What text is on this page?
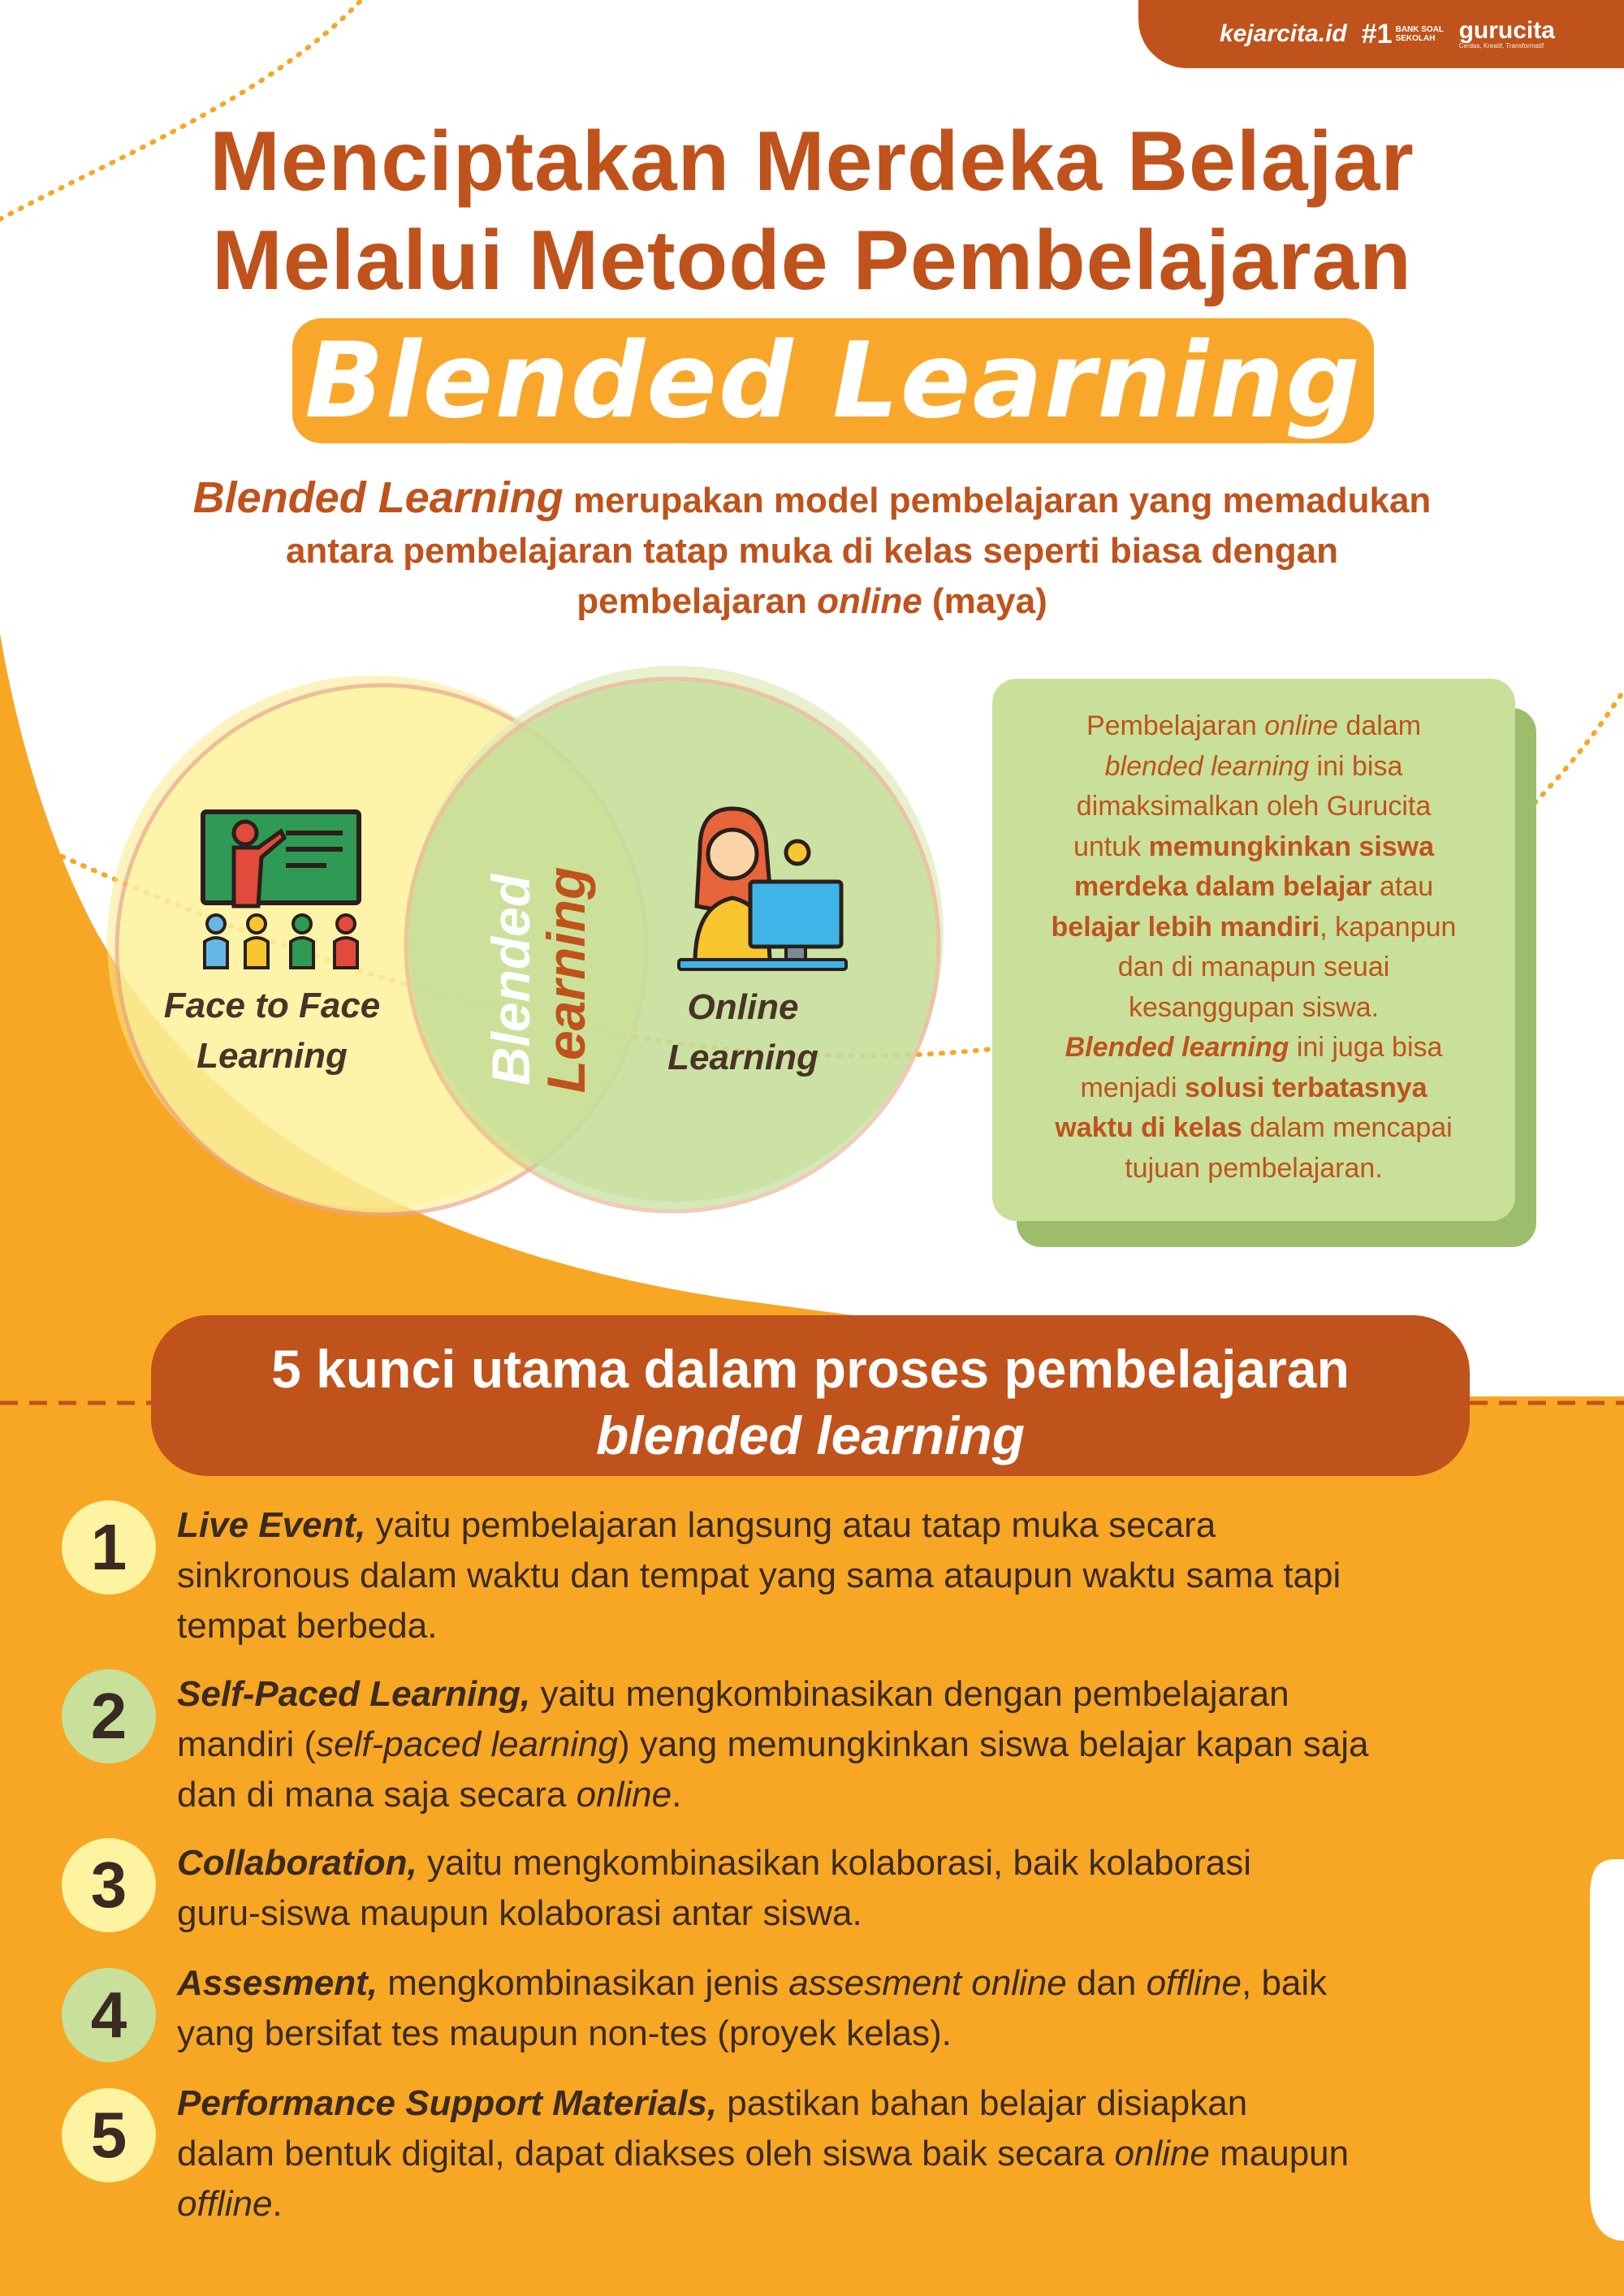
kejarcita.id #1 BANK SOAL SEKOLAH gurucita
Cerdas, Kreatif, Transformatif
Menciptakan Merdeka Belajar
Melalui Metode Pembelajaran
Blended Learning
Blended Learning merupakan model pembelajaran yang memadukan
antara pembelajaran tatap muka di kelas seperti biasa dengan
pembelajaran online (maya)
Face to Face
Learning
Online
Learning
Blended
Learning
Pembelajaran online dalam
blended learning ini bisa
dimaksimalkan oleh Gurucita
untuk memungkinkan siswa
merdeka dalam belajar atau
belajar lebih mandiri, kapanpun
dan di manapun seuai
kesanggupan siswa.
Blended learning ini juga bisa
menjadi solusi terbatasnya
waktu di kelas dalam mencapai
tujuan pembelajaran.
5 kunci utama dalam proses pembelajaran
blended learning
1	Live Event, yaitu pembelajaran langsung atau tatap muka secara
sinkronous dalam waktu dan tempat yang sama ataupun waktu sama tapi
tempat berbeda.
2	Self-Paced Learning, yaitu mengkombinasikan dengan pembelajaran
mandiri (self-paced learning) yang memungkinkan siswa belajar kapan saja
dan di mana saja secara online.
3	Collaboration, yaitu mengkombinasikan kolaborasi, baik kolaborasi
guru-siswa maupun kolaborasi antar siswa.
4	Assesment, mengkombinasikan jenis assesment online dan offline, baik
yang bersifat tes maupun non-tes (proyek kelas).
5	Performance Support Materials, pastikan bahan belajar disiapkan
dalam bentuk digital, dapat diakses oleh siswa baik secara online maupun
offline.
